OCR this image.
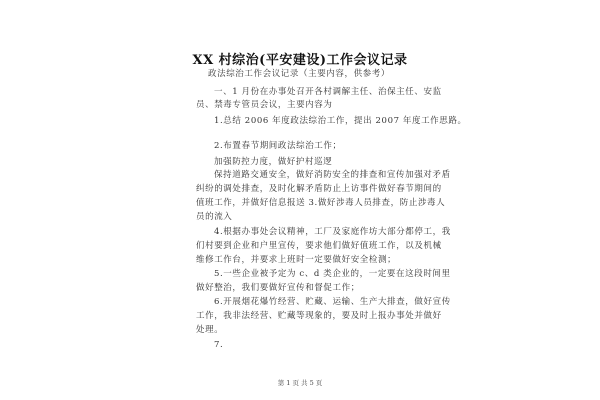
XX 村综治(平安建设)工作会议记录
政法综治工作会议记录（主要内容，供参考）
一、1 月份在办事处召开各村调解主任、治保主任、安监
员、禁毒专管员会议，主要内容为
1.总结 2006 年度政法综治工作，提出 2007 年度工作思路。
2.布置春节期间政法综治工作；
加强防控力度，做好护村巡逻
保持道路交通安全，做好消防安全的排查和宣传加强对矛盾
纠纷的调处排查，及时化解矛盾防止上访事件做好春节期间的
值班工作，并做好信息报送 3.做好涉毒人员排查，防止涉毒人
员的流入
4.根据办事处会议精神，工厂及家庭作坊大部分都停工，我
们村要到企业和户里宣传，要求他们做好值班工作，以及机械
维修工作台，并要求上班时一定要做好安全检测；
5.一些企业被予定为 c、d 类企业的，一定要在这段时间里
做好整治，我们要做好宣传和督促工作；
6.开展烟花爆竹经营、贮藏、运输、生产大排查，做好宣传
工作，我非法经营、贮藏等现象的，要及时上报办事处并做好
处理。
7.
第 1 页 共 5 页
